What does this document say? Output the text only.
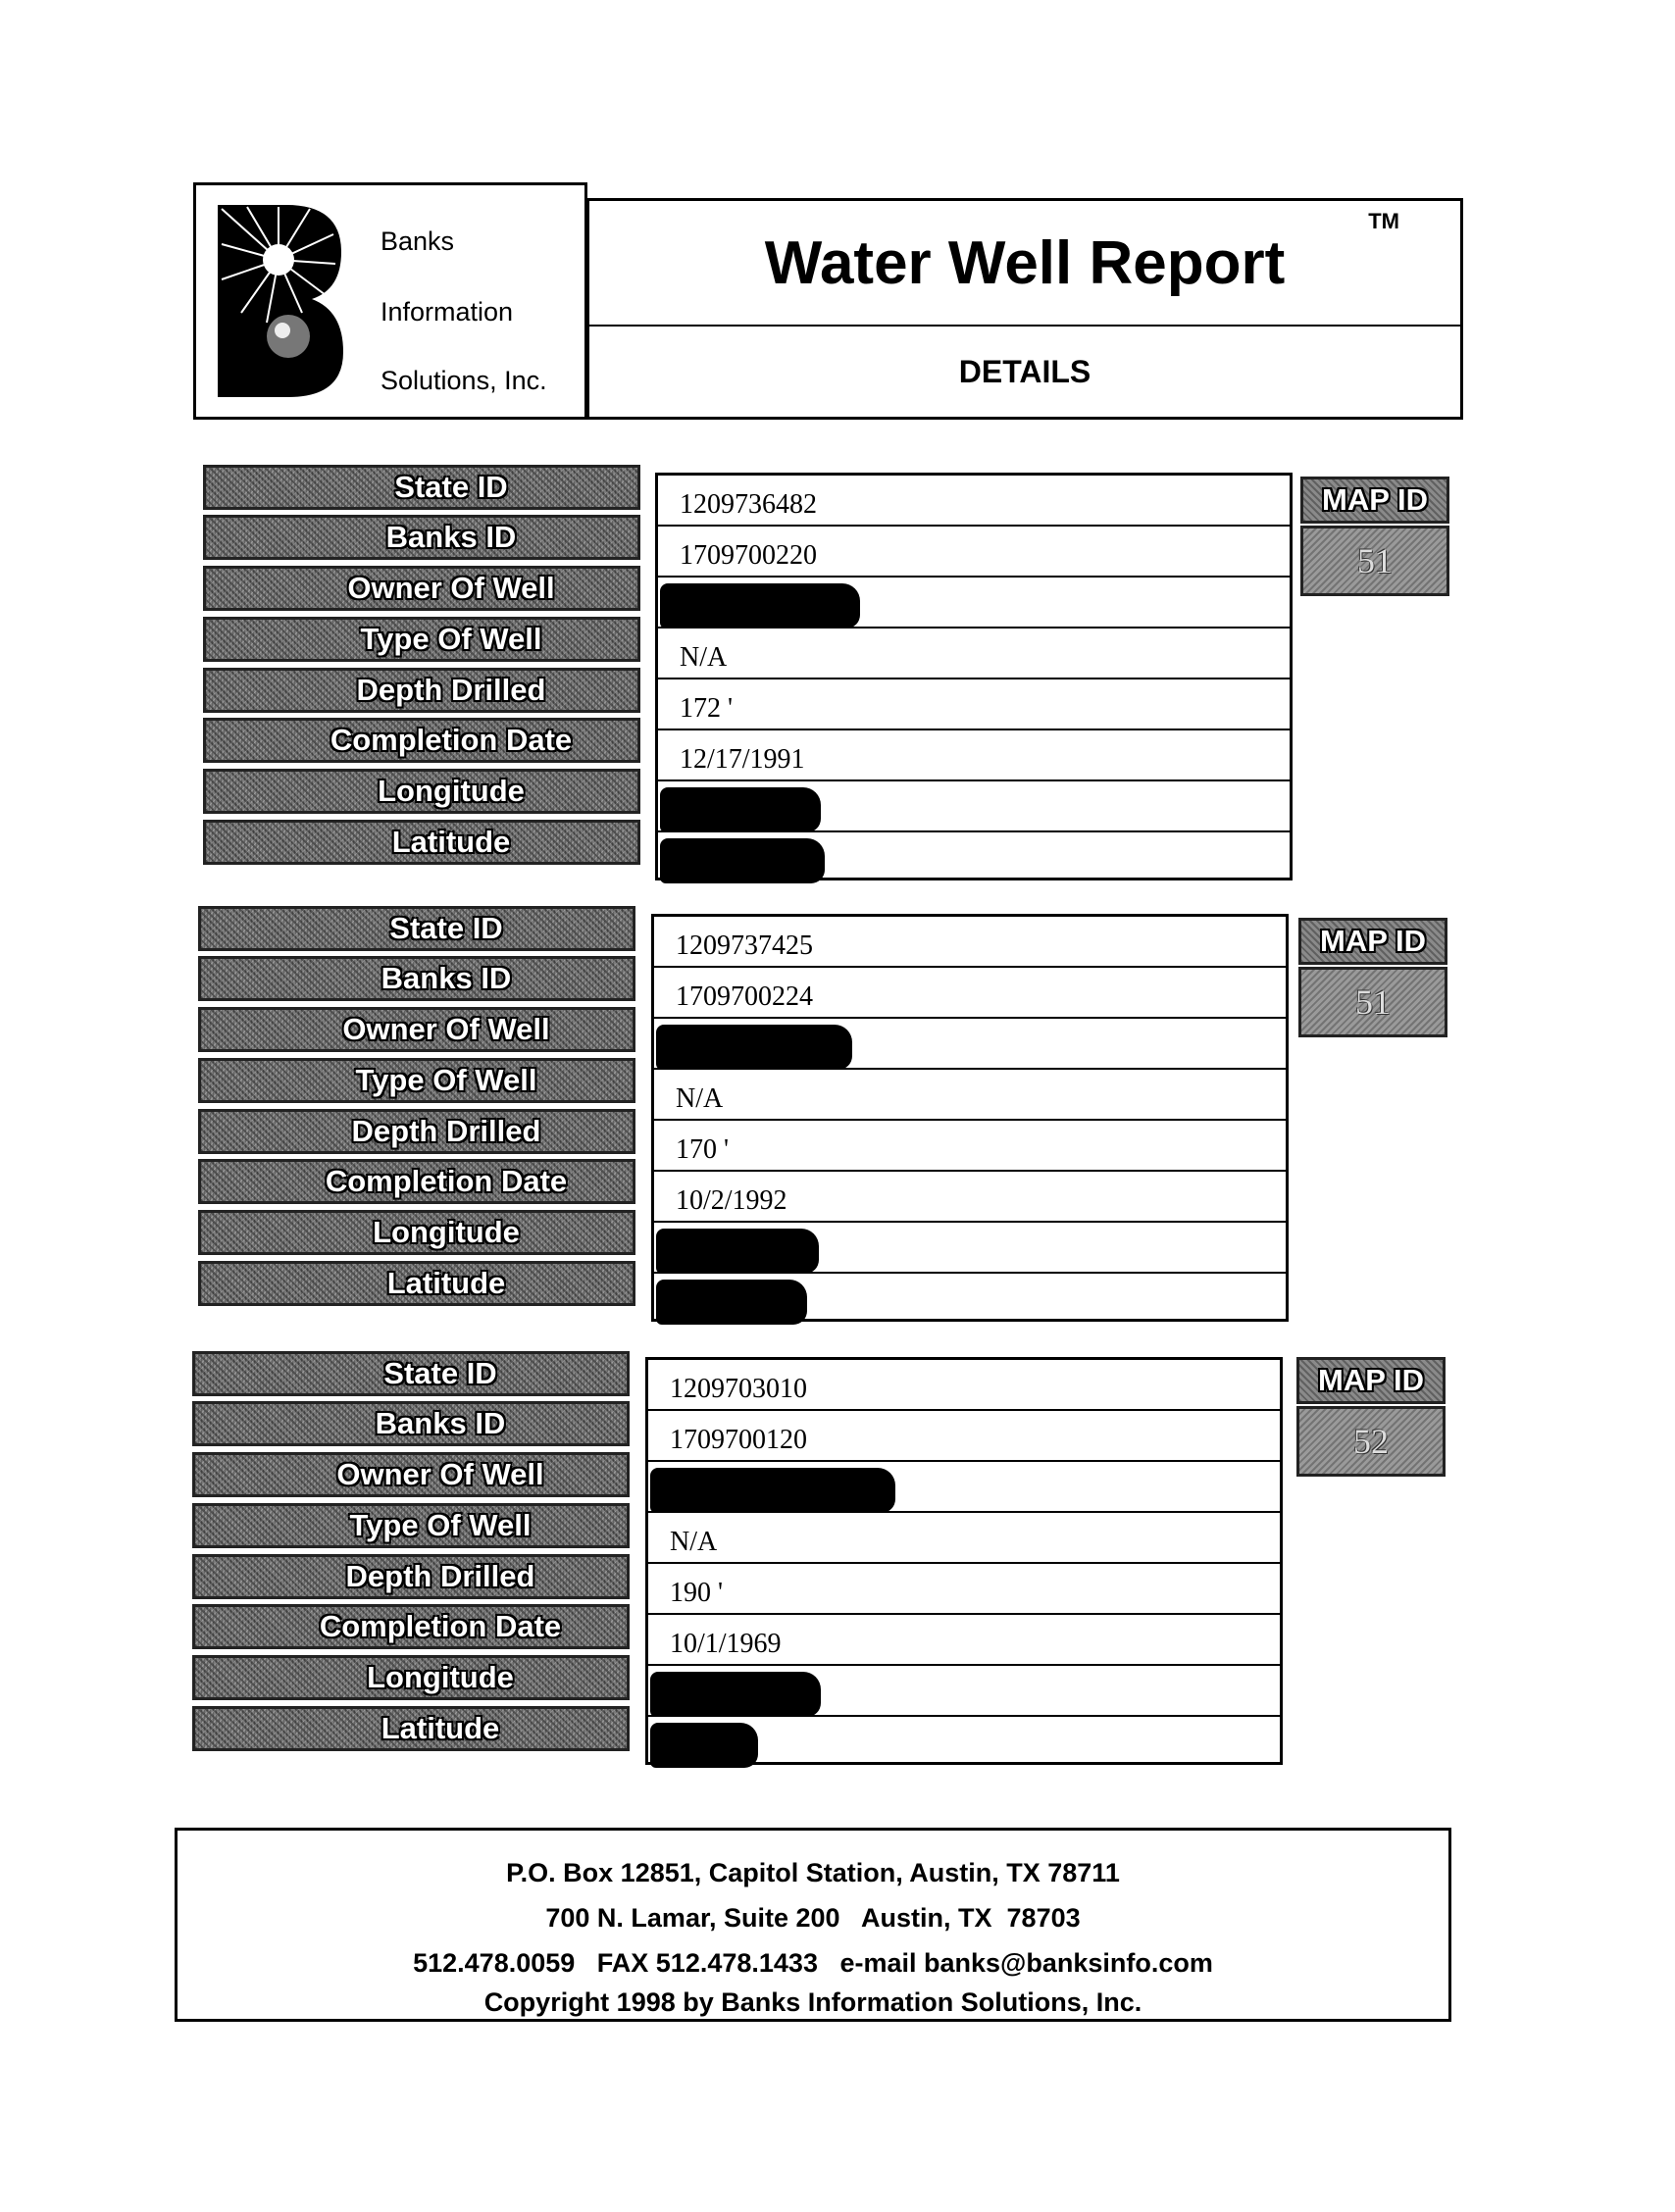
Banks
Information
Solutions, Inc.
Water Well Report
TM
DETAILS
State ID
Banks ID
Owner Of Well
Type Of Well
Depth Drilled
Completion Date
Longitude
Latitude
1209736482
1709700220
N/A
172 '
12/17/1991
MAP ID
51
State ID
Banks ID
Owner Of Well
Type Of Well
Depth Drilled
Completion Date
Longitude
Latitude
1209737425
1709700224
N/A
170 '
10/2/1992
MAP ID
51
State ID
Banks ID
Owner Of Well
Type Of Well
Depth Drilled
Completion Date
Longitude
Latitude
1209703010
1709700120
N/A
190 '
10/1/1969
MAP ID
52
P.O. Box 12851, Capitol Station, Austin, TX 78711
700 N. Lamar, Suite 200   Austin, TX  78703
512.478.0059   FAX 512.478.1433   e-mail banks@banksinfo.com
Copyright 1998 by Banks Information Solutions, Inc.
